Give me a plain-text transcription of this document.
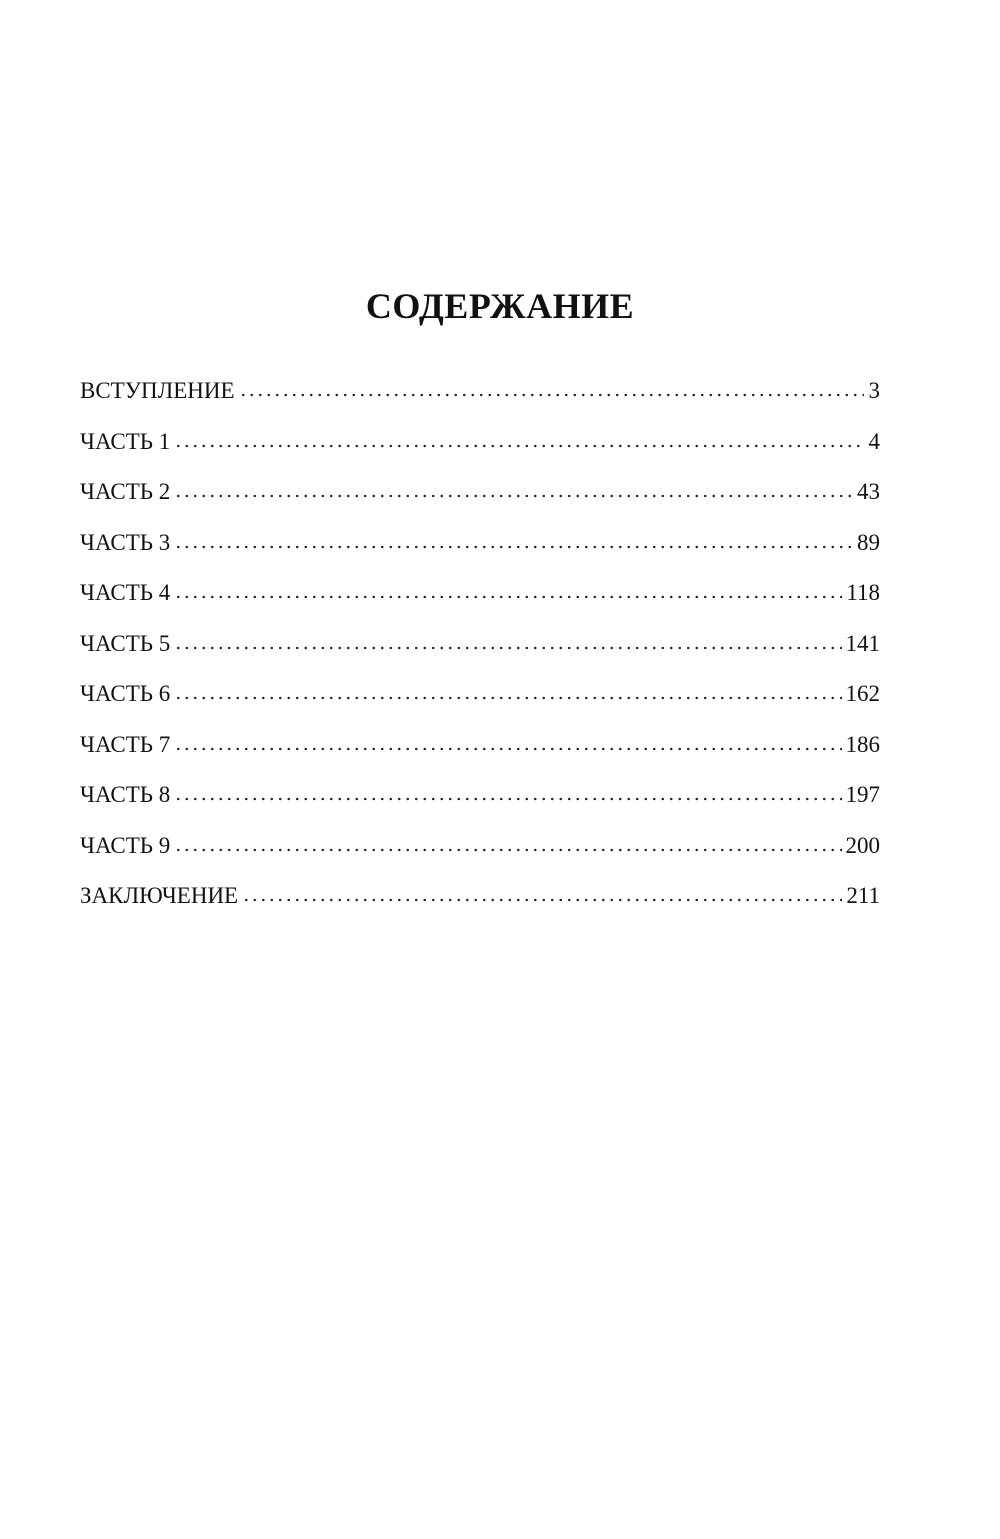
СОДЕРЖАНИЕ
ВСТУПЛЕНИЕ	3
ЧАСТЬ 1	4
ЧАСТЬ 2	43
ЧАСТЬ 3	89
ЧАСТЬ 4	118
ЧАСТЬ 5	141
ЧАСТЬ 6	162
ЧАСТЬ 7	186
ЧАСТЬ 8	197
ЧАСТЬ 9	200
ЗАКЛЮЧЕНИЕ	211
